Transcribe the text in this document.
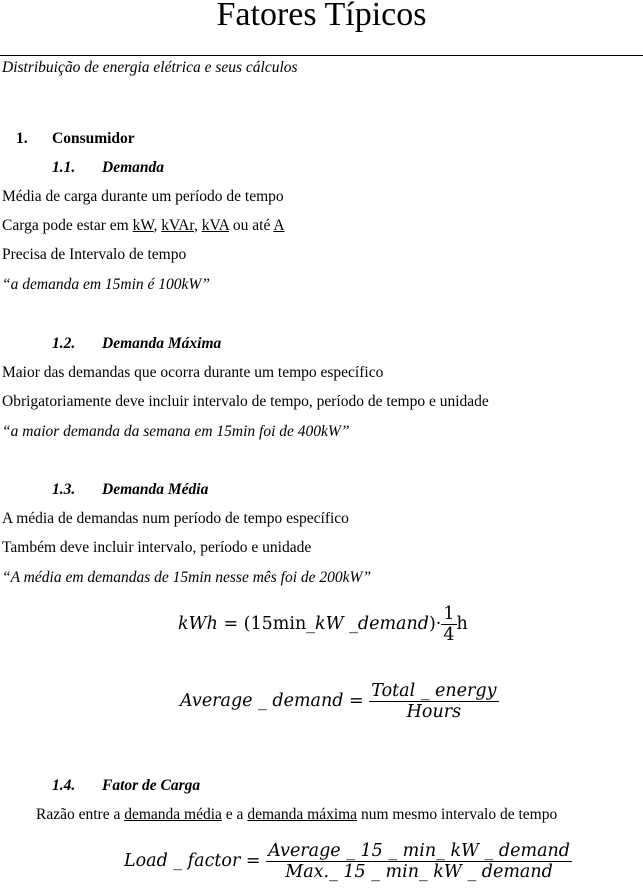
Fatores Típicos
Distribuição de energia elétrica e seus cálculos
1. Consumidor
1.1. Demanda
Média de carga durante um período de tempo
Carga pode estar em kW, kVAr, kVA ou até A
Precisa de Intervalo de tempo
“a demanda em 15min é 100kW”
1.2. Demanda Máxima
Maior das demandas que ocorra durante um tempo específico
Obrigatoriamente deve incluir intervalo de tempo, período de tempo e unidade
“a maior demanda da semana em 15min foi de 400kW”
1.3. Demanda Média
A média de demandas num período de tempo específico
Também deve incluir intervalo, período e unidade
“A média em demandas de 15min nesse mês foi de 200kW”
kWh = (15min_kW _demand)· $\frac{1}{4}$ h
Average _ demand = $\frac{\text{Total \_ energy}}{\text{Hours}}$
1.4. Fator de Carga
Razão entre a demanda média e a demanda máxima num mesmo intervalo de tempo
Load _ factor = $\frac{\text{Average \_ 15 \_ min\_ kW \_ demand}}{\text{Max.\_ 15 \_ min\_ kW \_ demand}}$
